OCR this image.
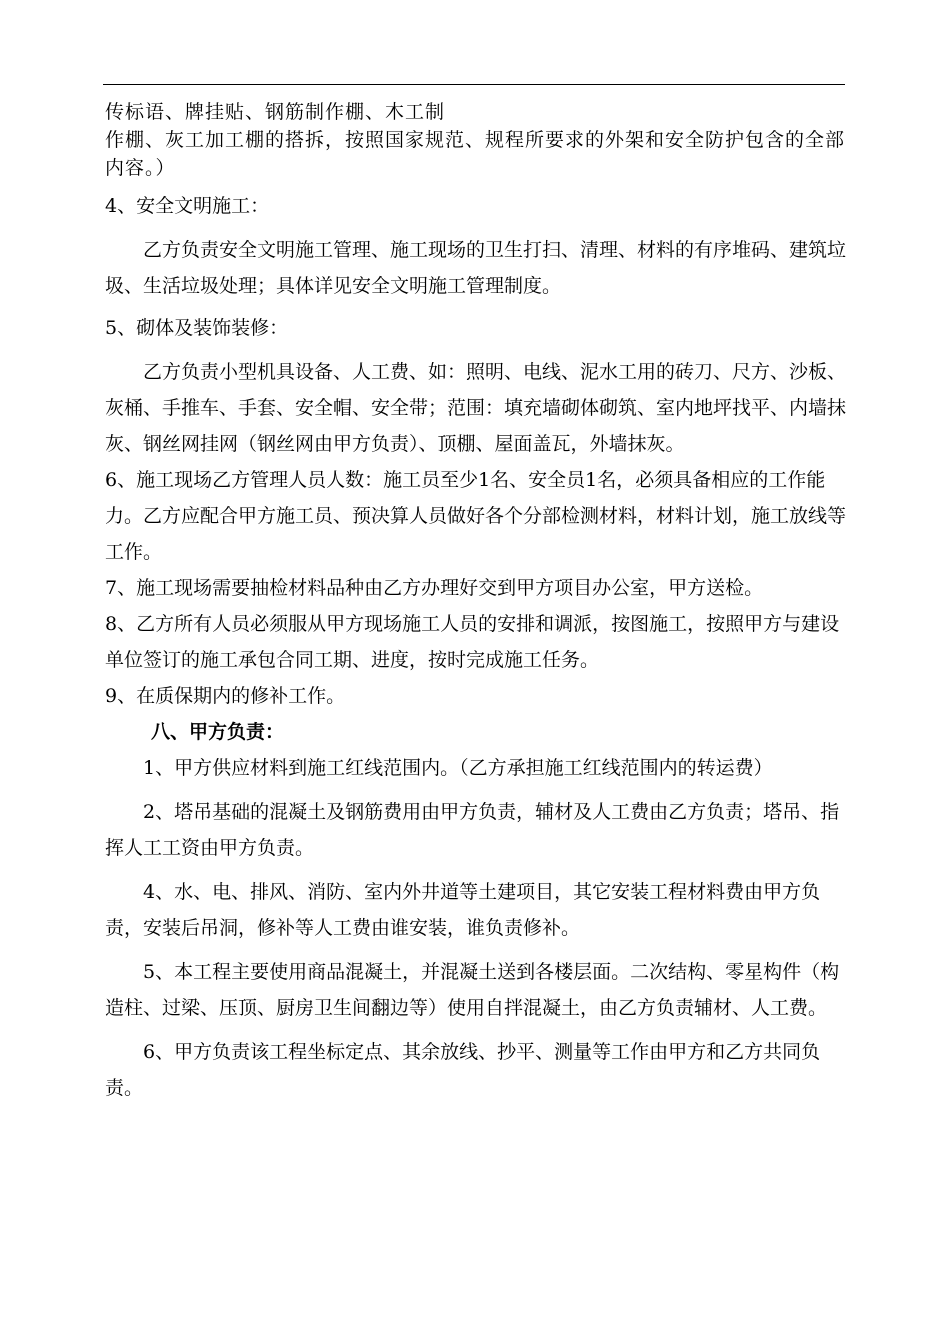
传标语、牌挂贴、钢筋制作棚、木工制

作棚、灰工加工棚的搭拆，按照国家规范、规程所要求的外架和安全防护包含的全部内容。）

4、安全文明施工：

乙方负责安全文明施工管理、施工现场的卫生打扫、清理、材料的有序堆码、建筑垃圾、生活垃圾处理；具体详见安全文明施工管理制度。

5、砌体及装饰装修：

乙方负责小型机具设备、人工费、如：照明、电线、泥水工用的砖刀、尺方、沙板、灰桶、手推车、手套、安全帽、安全带；范围：填充墙砌体砌筑、室内地坪找平、内墙抹灰、钢丝网挂网（钢丝网由甲方负责）、顶棚、屋面盖瓦，外墙抹灰。

6、施工现场乙方管理人员人数：施工员至少1名、安全员1名，必须具备相应的工作能力。乙方应配合甲方施工员、预决算人员做好各个分部检测材料，材料计划，施工放线等工作。

7、施工现场需要抽检材料品种由乙方办理好交到甲方项目办公室，甲方送检。

8、乙方所有人员必须服从甲方现场施工人员的安排和调派，按图施工，按照甲方与建设单位签订的施工承包合同工期、进度，按时完成施工任务。

9、在质保期内的修补工作。

八、甲方负责：

1、甲方供应材料到施工红线范围内。（乙方承担施工红线范围内的转运费）

2、塔吊基础的混凝土及钢筋费用由甲方负责，辅材及人工费由乙方负责；塔吊、指挥人工工资由甲方负责。

4、水、电、排风、消防、室内外井道等土建项目，其它安装工程材料费由甲方负责，安装后吊洞，修补等人工费由谁安装，谁负责修补。

5、本工程主要使用商品混凝土，并混凝土送到各楼层面。二次结构、零星构件（构造柱、过梁、压顶、厨房卫生间翻边等）使用自拌混凝土，由乙方负责辅材、人工费。

6、甲方负责该工程坐标定点、其余放线、抄平、测量等工作由甲方和乙方共同负责。
